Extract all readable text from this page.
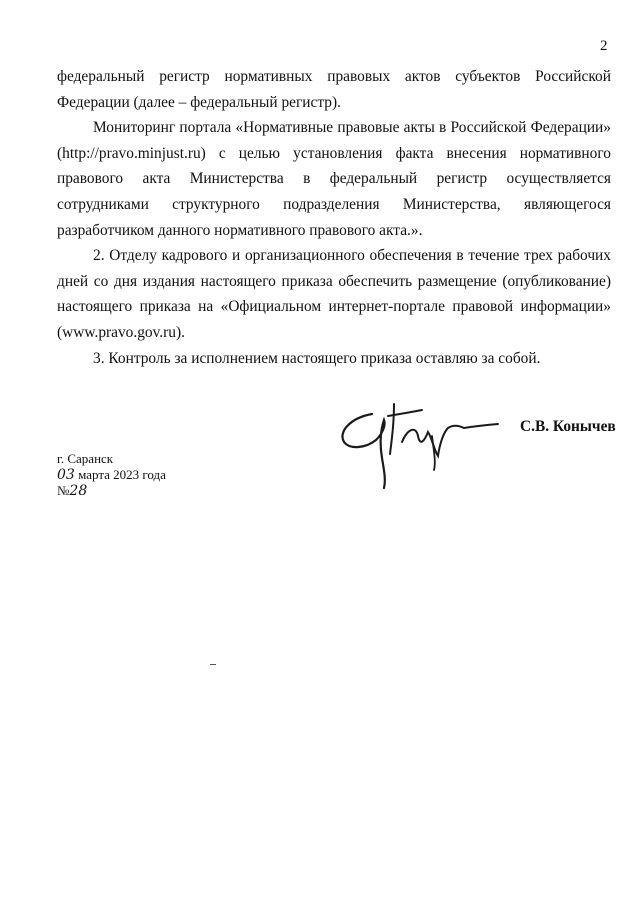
2

федеральный регистр нормативных правовых актов субъектов Российской Федерации (далее – федеральный регистр).

Мониторинг портала «Нормативные правовые акты в Российской Федерации» (http://pravo.minjust.ru) с целью установления факта внесения нормативного правового акта Министерства в федеральный регистр осуществляется сотрудниками структурного подразделения Министерства, являющегося разработчиком данного нормативного правового акта.».

2. Отделу кадрового и организационного обеспечения в течение трех рабочих дней со дня издания настоящего приказа обеспечить размещение (опубликование) настоящего приказа на «Официальном интернет-портале правовой информации» (www.pravo.gov.ru).

3. Контроль за исполнением настоящего приказа оставляю за собой.

С.В. Конычев
г. Саранск
03 марта 2023 года
№28
